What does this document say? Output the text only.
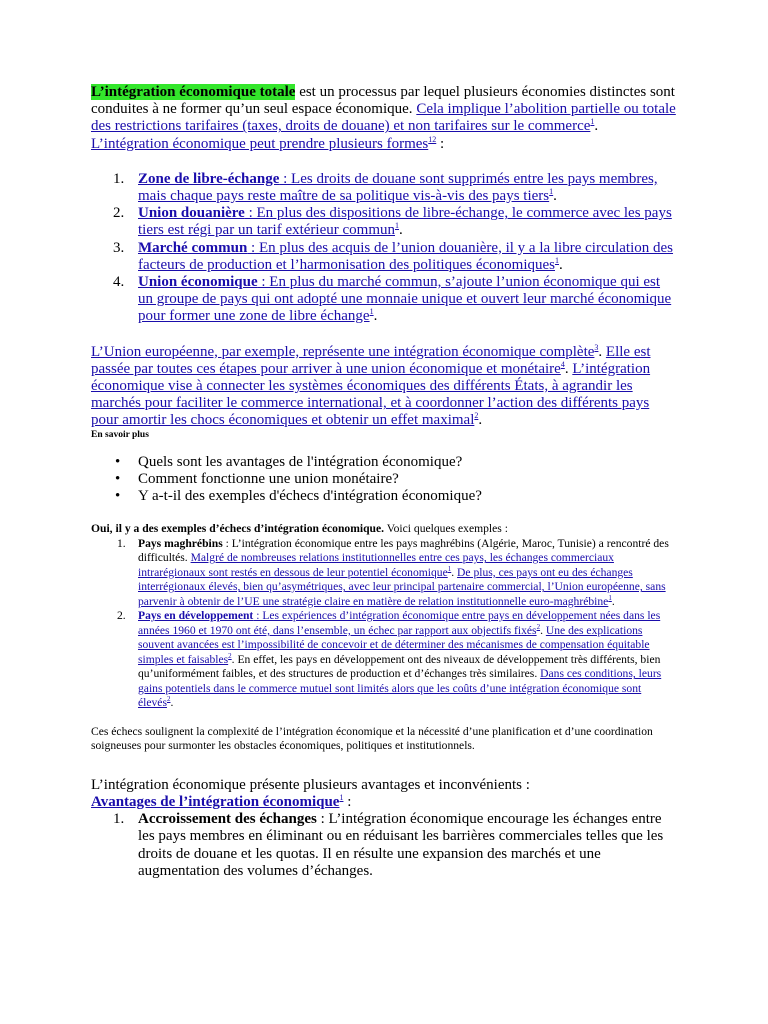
L’intégration économique totale est un processus par lequel plusieurs économies distinctes sont conduites à ne former qu’un seul espace économique. Cela implique l’abolition partielle ou totale des restrictions tarifaires (taxes, droits de douane) et non tarifaires sur le commerce$^1$. L’intégration économique peut prendre plusieurs formes$^{12}$ :

1. Zone de libre-échange : Les droits de douane sont supprimés entre les pays membres, mais chaque pays reste maître de sa politique vis-à-vis des pays tiers$^1$.
2. Union douanière : En plus des dispositions de libre-échange, le commerce avec les pays tiers est régi par un tarif extérieur commun$^1$.
3. Marché commun : En plus des acquis de l’union douanière, il y a la libre circulation des facteurs de production et l’harmonisation des politiques économiques$^1$.
4. Union économique : En plus du marché commun, s’ajoute l’union économique qui est un groupe de pays qui ont adopté une monnaie unique et ouvert leur marché économique pour former une zone de libre échange$^1$.

L’Union européenne, par exemple, représente une intégration économique complète$^3$. Elle est passée par toutes ces étapes pour arriver à une union économique et monétaire$^4$. L’intégration économique vise à connecter les systèmes économiques des différents États, à agrandir les marchés pour faciliter le commerce international, et à coordonner l’action des différents pays pour amortir les chocs économiques et obtenir un effet maximal$^2$.

En savoir plus

• Quels sont les avantages de l'intégration économique?
• Comment fonctionne une union monétaire?
• Y a-t-il des exemples d'échecs d'intégration économique?

Oui, il y a des exemples d’échecs d’intégration économique. Voici quelques exemples :

1. Pays maghrébins : L’intégration économique entre les pays maghrébins (Algérie, Maroc, Tunisie) a rencontré des difficultés. Malgré de nombreuses relations institutionnelles entre ces pays, les échanges commerciaux intrarégionaux sont restés en dessous de leur potentiel économique$^1$. De plus, ces pays ont eu des échanges interrégionaux élevés, bien qu’asymétriques, avec leur principal partenaire commercial, l’Union européenne, sans parvenir à obtenir de l’UE une stratégie claire en matière de relation institutionnelle euro-maghrébine$^1$.
2. Pays en développement : Les expériences d’intégration économique entre pays en développement nées dans les années 1960 et 1970 ont été, dans l’ensemble, un échec par rapport aux objectifs fixés$^2$. Une des explications souvent avancées est l’impossibilité de concevoir et de déterminer des mécanismes de compensation équitable simples et faisables$^2$. En effet, les pays en développement ont des niveaux de développement très différents, bien qu’uniformément faibles, et des structures de production et d’échanges très similaires. Dans ces conditions, leurs gains potentiels dans le commerce mutuel sont limités alors que les coûts d’une intégration économique sont élevés$^2$.

Ces échecs soulignent la complexité de l’intégration économique et la nécessité d’une planification et d’une coordination soigneuses pour surmonter les obstacles économiques, politiques et institutionnels.

L’intégration économique présente plusieurs avantages et inconvénients :

Avantages de l’intégration économique$^1$ :

1. Accroissement des échanges : L’intégration économique encourage les échanges entre les pays membres en éliminant ou en réduisant les barrières commerciales telles que les droits de douane et les quotas. Il en résulte une expansion des marchés et une augmentation des volumes d’échanges.
